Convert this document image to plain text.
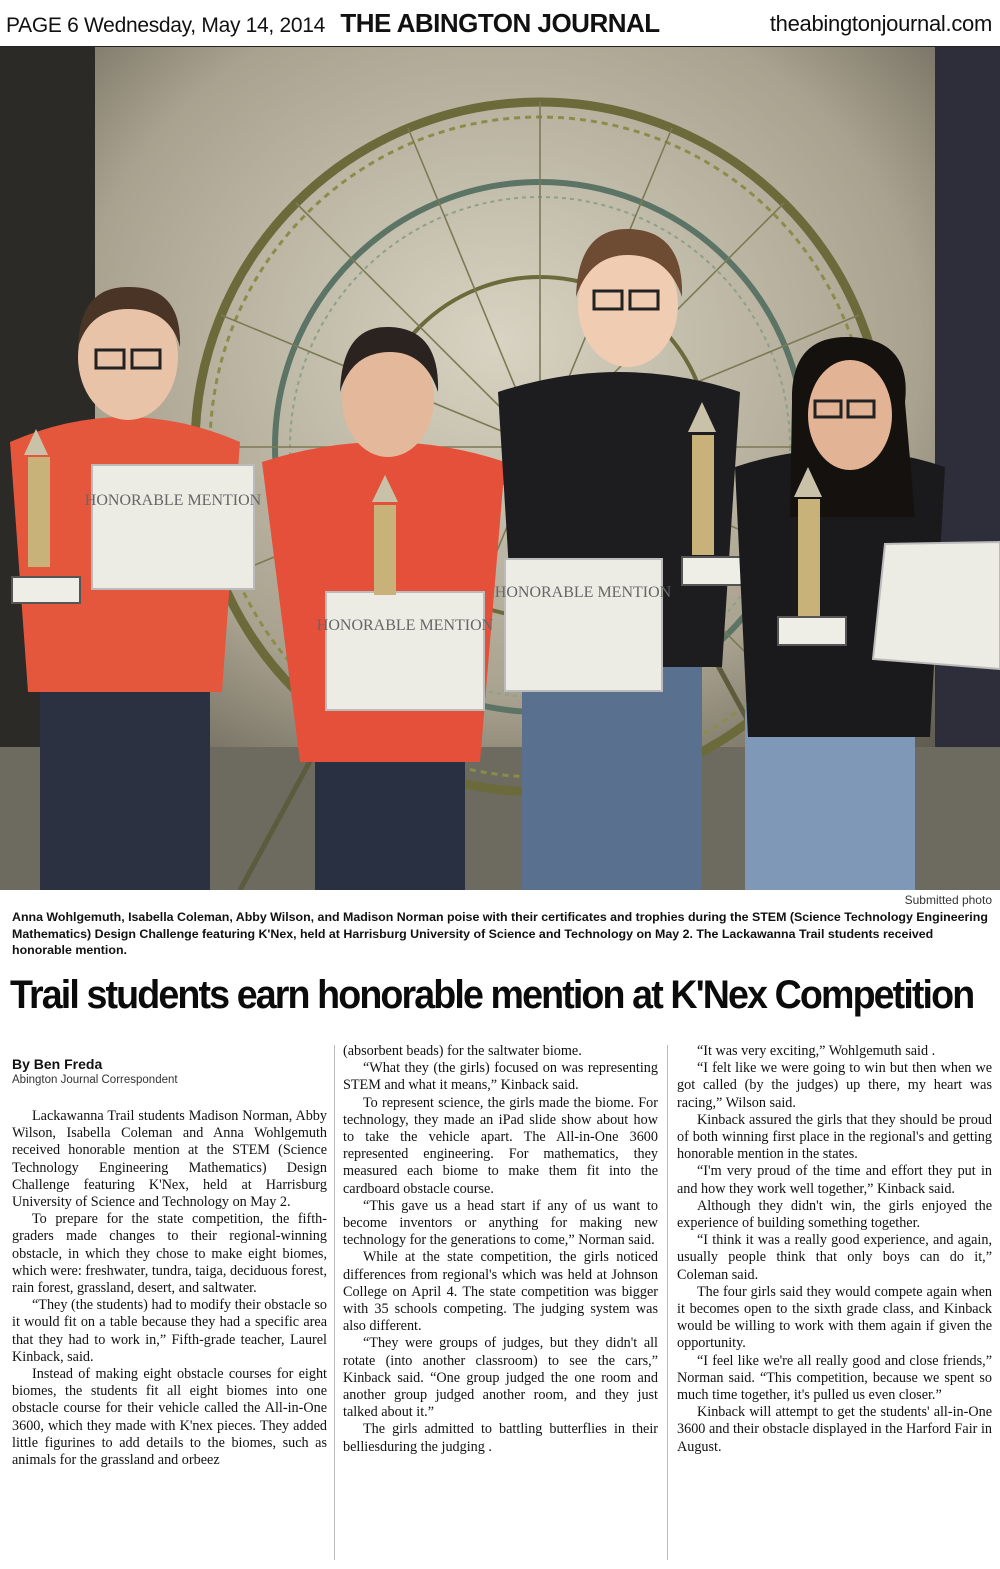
PAGE 6 Wednesday, May 14, 2014 THE ABINGTON JOURNAL	theabingtonjournal.com
HONORABLE MENTION
HONORABLE MENTION
HONORABLE MENTION
Submitted photo
Anna Wohlgemuth, Isabella Coleman, Abby Wilson, and Madison Norman poise with their certificates and trophies during the STEM (Science Technology Engineering Mathematics) Design Challenge featuring K'Nex, held at Harrisburg University of Science and Technology on May 2. The Lackawanna Trail students received honorable mention.
Trail students earn honorable mention at K'Nex Competition
By Ben Freda
Abington Journal Correspondent

Lackawanna Trail students Madison Norman, Abby Wilson, Isabella Coleman and Anna Wohlgemuth received honorable mention at the STEM (Science Technology Engineering Mathematics) Design Challenge featuring K'Nex, held at Harrisburg University of Science and Technology on May 2.

To prepare for the state competition, the fifth-graders made changes to their regional-winning obstacle, in which they chose to make eight biomes, which were: freshwater, tundra, taiga, deciduous forest, rain forest, grassland, desert, and saltwater.

“They (the students) had to modify their obstacle so it would fit on a table because they had a specific area that they had to work in,” Fifth-grade teacher, Laurel Kinback, said.

Instead of making eight obstacle courses for eight biomes, the students fit all eight biomes into one obstacle course for their vehicle called the All-in-One 3600, which they made with K'nex pieces. They added little figurines to add details to the biomes, such as animals for the grassland and orbeez

(absorbent beads) for the saltwater biome.

“What they (the girls) focused on was representing STEM and what it means,” Kinback said.

To represent science, the girls made the biome. For technology, they made an iPad slide show about how to take the vehicle apart. The All-in-One 3600 represented engineering. For mathematics, they measured each biome to make them fit into the cardboard obstacle course.

“This gave us a head start if any of us want to become inventors or anything for making new technology for the generations to come,” Norman said.

While at the state competition, the girls noticed differences from regional's which was held at Johnson College on April 4. The state competition was bigger with 35 schools competing. The judging system was also different.

“They were groups of judges, but they didn't all rotate (into another classroom) to see the cars,” Kinback said. “One group judged the one room and another group judged another room, and they just talked about it.”

The girls admitted to battling butterflies in their belliesduring the judging .

“It was very exciting,” Wohlgemuth said .

“I felt like we were going to win but then when we got called (by the judges) up there, my heart was racing,” Wilson said.

Kinback assured the girls that they should be proud of both winning first place in the regional's and getting honorable mention in the states.

“I'm very proud of the time and effort they put in and how they work well together,” Kinback said.

Although they didn't win, the girls enjoyed the experience of building something together.

“I think it was a really good experience, and again, usually people think that only boys can do it,” Coleman said.

The four girls said they would compete again when it becomes open to the sixth grade class, and Kinback would be willing to work with them again if given the opportunity.

“I feel like we're all really good and close friends,” Norman said. “This competition, because we spent so much time together, it's pulled us even closer.”

Kinback will attempt to get the students' all-in-One 3600 and their obstacle displayed in the Harford Fair in August.
